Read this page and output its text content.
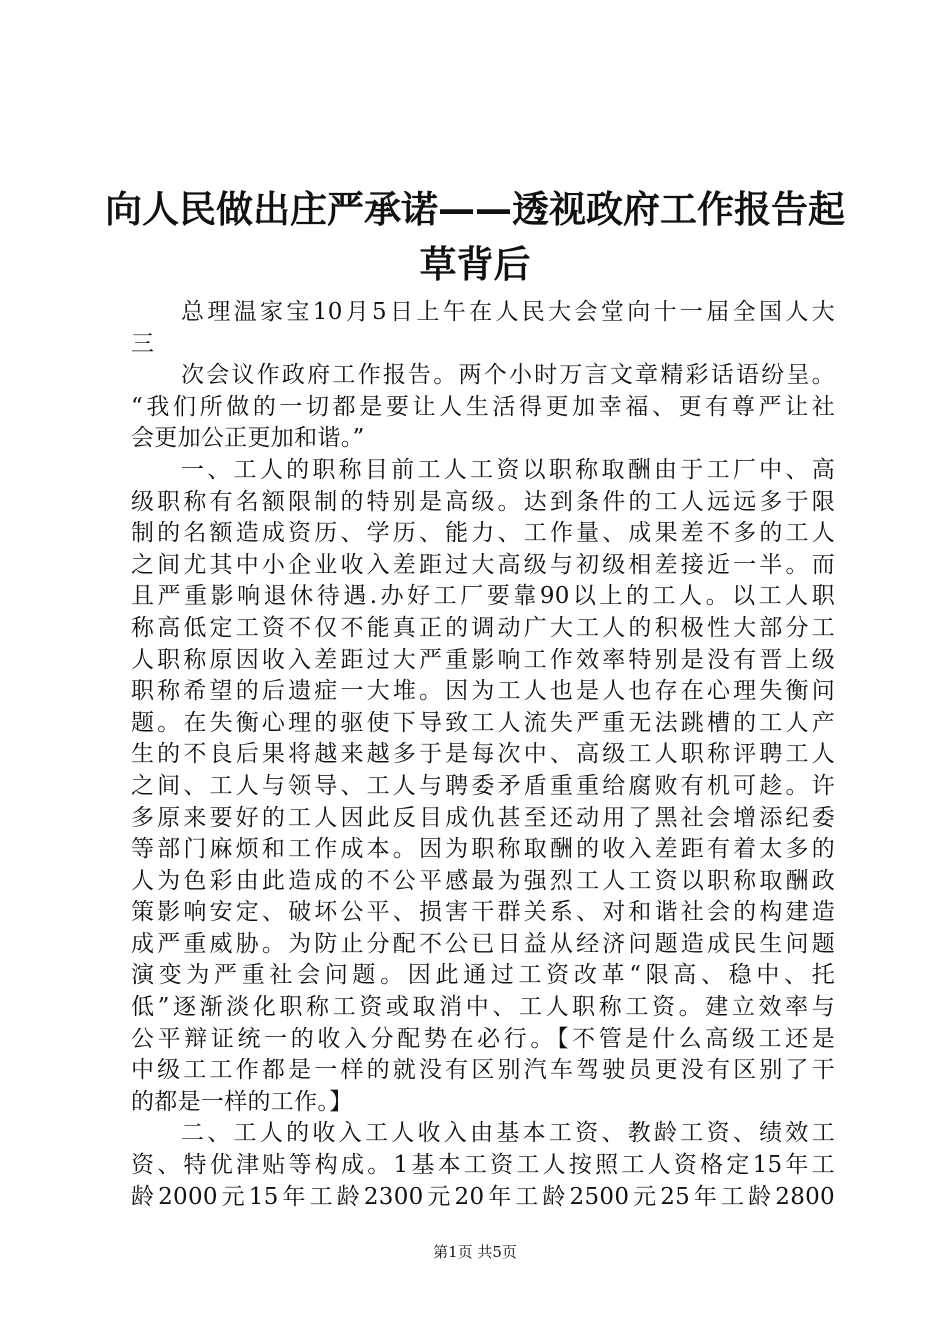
向人民做出庄严承诺——透视政府工作报告起
草背后
总理温家宝10月5日上午在人民大会堂向十一届全国人大
三
次会议作政府工作报告。两个小时万言文章精彩话语纷呈。
“我们所做的一切都是要让人生活得更加幸福、更有尊严让社
会更加公正更加和谐。”
一、工人的职称目前工人工资以职称取酬由于工厂中、高
级职称有名额限制的特别是高级。达到条件的工人远远多于限
制的名额造成资历、学历、能力、工作量、成果差不多的工人
之间尤其中小企业收入差距过大高级与初级相差接近一半。而
且严重影响退休待遇.办好工厂要靠90以上的工人。以工人职
称高低定工资不仅不能真正的调动广大工人的积极性大部分工
人职称原因收入差距过大严重影响工作效率特别是没有晋上级
职称希望的后遗症一大堆。因为工人也是人也存在心理失衡问
题。在失衡心理的驱使下导致工人流失严重无法跳槽的工人产
生的不良后果将越来越多于是每次中、高级工人职称评聘工人
之间、工人与领导、工人与聘委矛盾重重给腐败有机可趁。许
多原来要好的工人因此反目成仇甚至还动用了黑社会增添纪委
等部门麻烦和工作成本。因为职称取酬的收入差距有着太多的
人为色彩由此造成的不公平感最为强烈工人工资以职称取酬政
策影响安定、破坏公平、损害干群关系、对和谐社会的构建造
成严重威胁。为防止分配不公已日益从经济问题造成民生问题
演变为严重社会问题。因此通过工资改革“限高、稳中、托
低”逐渐淡化职称工资或取消中、工人职称工资。建立效率与
公平辩证统一的收入分配势在必行。【不管是什么高级工还是
中级工工作都是一样的就没有区别汽车驾驶员更没有区别了干
的都是一样的工作。】
二、工人的收入工人收入由基本工资、教龄工资、绩效工
资、特优津贴等构成。1基本工资工人按照工人资格定15年工
龄2000元15年工龄2300元20年工龄2500元25年工龄2800
第1页 共5页
